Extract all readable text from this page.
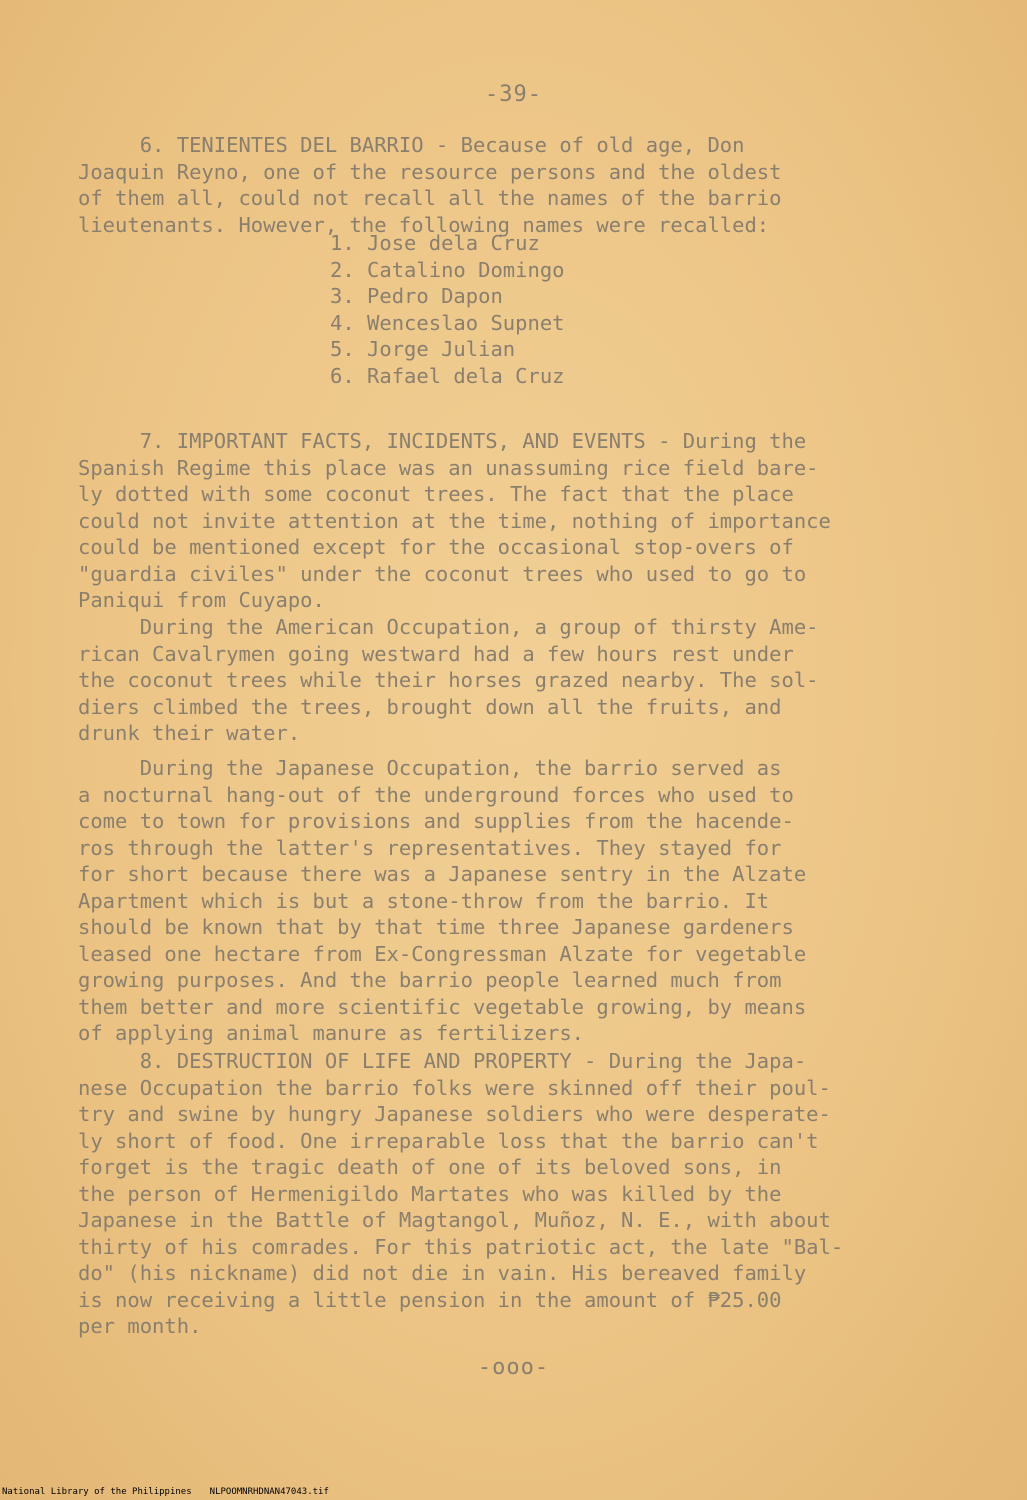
-39-
6. TENIENTES DEL BARRIO - Because of old age, Don
Joaquin Reyno, one of the resource persons and the oldest
of them all, could not recall all the names of the barrio
lieutenants. However, the following names were recalled:
1. Jose dela Cruz
2. Catalino Domingo
3. Pedro Dapon
4. Wenceslao Supnet
5. Jorge Julian
6. Rafael dela Cruz
7. IMPORTANT FACTS, INCIDENTS, AND EVENTS - During the
Spanish Regime this place was an unassuming rice field bare-
ly dotted with some coconut trees. The fact that the place
could not invite attention at the time, nothing of importance
could be mentioned except for the occasional stop-overs of
"guardia civiles" under the coconut trees who used to go to
Paniqui from Cuyapo.
During the American Occupation, a group of thirsty Ame-
rican Cavalrymen going westward had a few hours rest under
the coconut trees while their horses grazed nearby. The sol-
diers climbed the trees, brought down all the fruits, and
drunk their water.
During the Japanese Occupation, the barrio served as
a nocturnal hang-out of the underground forces who used to
come to town for provisions and supplies from the hacende-
ros through the latter's representatives. They stayed for
for short because there was a Japanese sentry in the Alzate
Apartment which is but a stone-throw from the barrio. It
should be known that by that time three Japanese gardeners
leased one hectare from Ex-Congressman Alzate for vegetable
growing purposes. And the barrio people learned much from
them better and more scientific vegetable growing, by means
of applying animal manure as fertilizers.
8. DESTRUCTION OF LIFE AND PROPERTY - During the Japa-
nese Occupation the barrio folks were skinned off their poul-
try and swine by hungry Japanese soldiers who were desperate-
ly short of food. One irreparable loss that the barrio can't
forget is the tragic death of one of its beloved sons, in
the person of Hermenigildo Martates who was killed by the
Japanese in the Battle of Magtangol, Muñoz, N. E., with about
thirty of his comrades. For this patriotic act, the late "Bal-
do" (his nickname) did not die in vain. His bereaved family
is now receiving a little pension in the amount of ₱25.00
per month.
-ooo-
National Library of the Philippines NLPOOMNRHDNAN47043.tif
